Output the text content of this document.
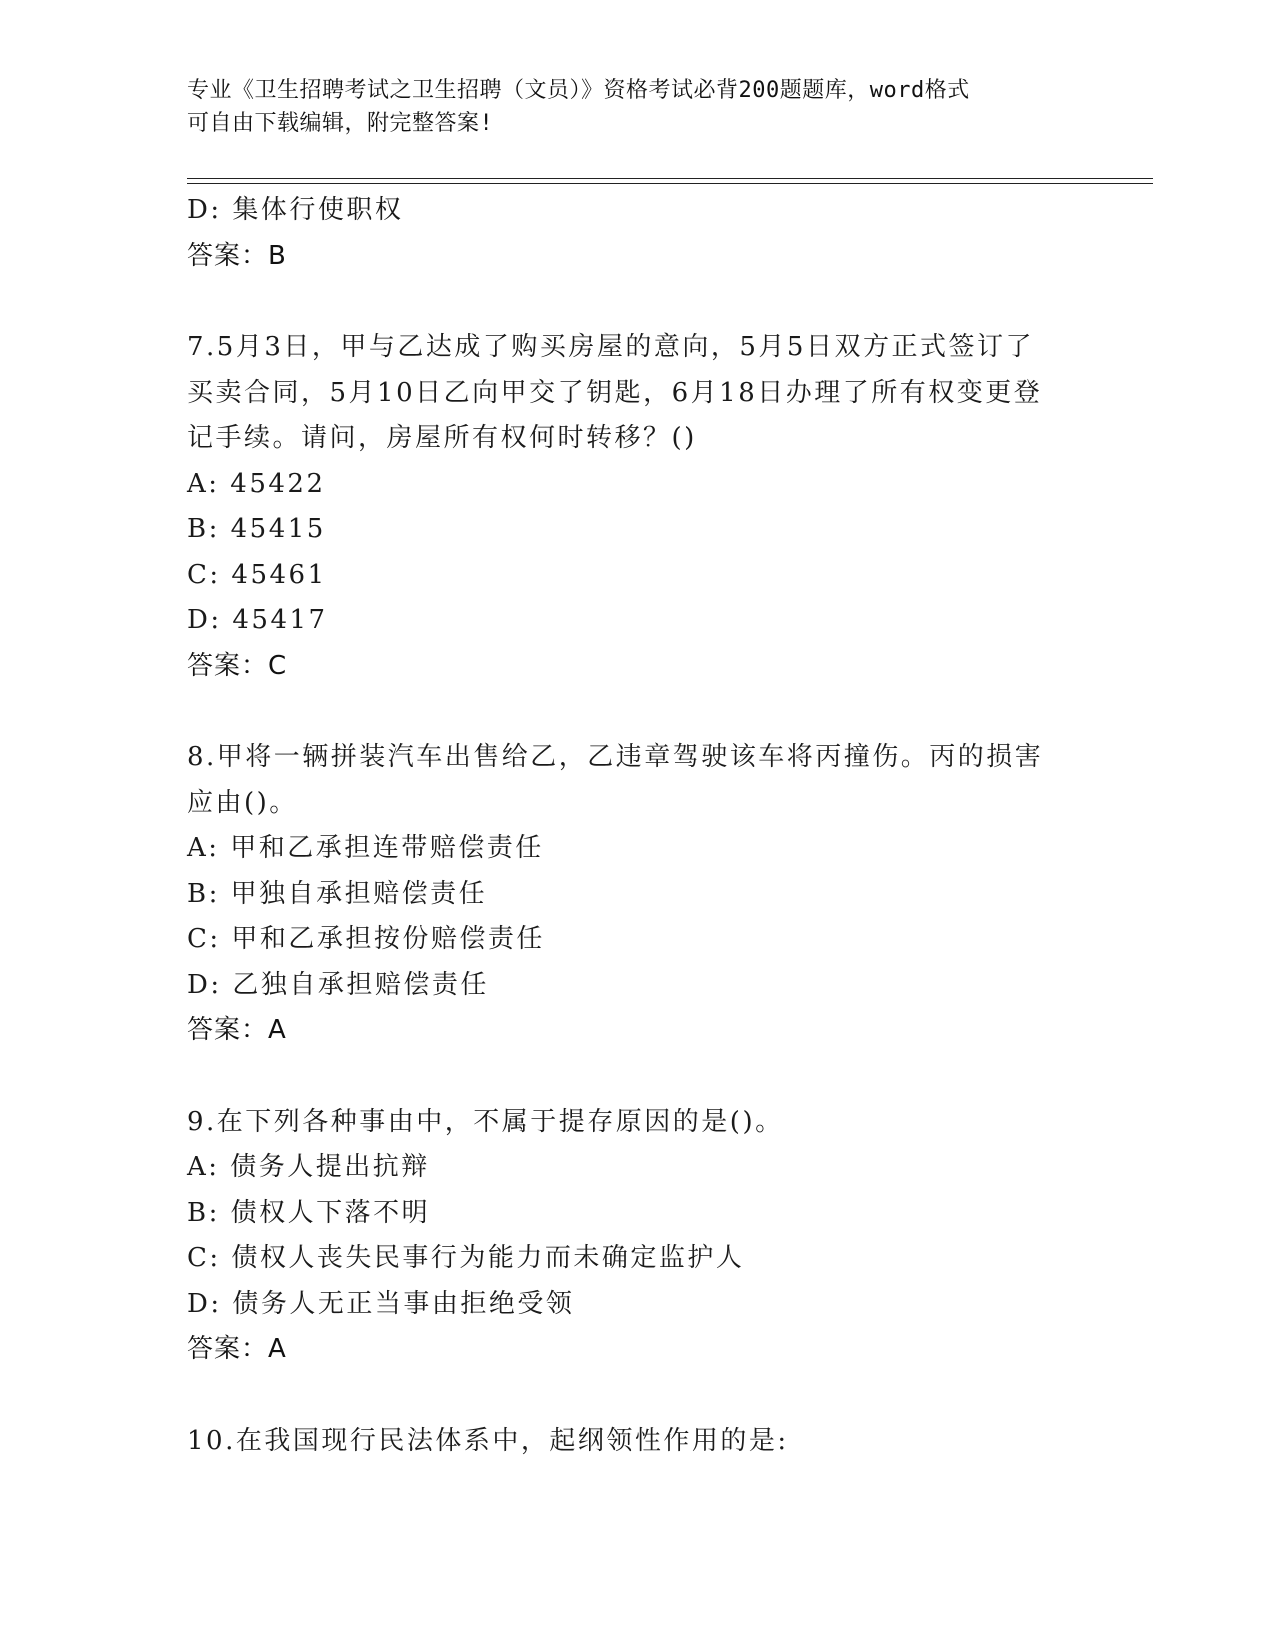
专业《卫生招聘考试之卫生招聘（文员）》资格考试必背200题题库，word格式
可自由下载编辑，附完整答案!
D: 集体行使职权
答案：B
7.5月3日，甲与乙达成了购买房屋的意向，5月5日双方正式签订了
买卖合同，5月10日乙向甲交了钥匙，6月18日办理了所有权变更登
记手续。请问，房屋所有权何时转移？()
A: 45422
B: 45415
C: 45461
D: 45417
答案：C
8.甲将一辆拼装汽车出售给乙，乙违章驾驶该车将丙撞伤。丙的损害
应由()。
A: 甲和乙承担连带赔偿责任
B: 甲独自承担赔偿责任
C: 甲和乙承担按份赔偿责任
D: 乙独自承担赔偿责任
答案：A
9.在下列各种事由中，不属于提存原因的是()。
A: 债务人提出抗辩
B: 债权人下落不明
C: 债权人丧失民事行为能力而未确定监护人
D: 债务人无正当事由拒绝受领
答案：A
10.在我国现行民法体系中，起纲领性作用的是:
